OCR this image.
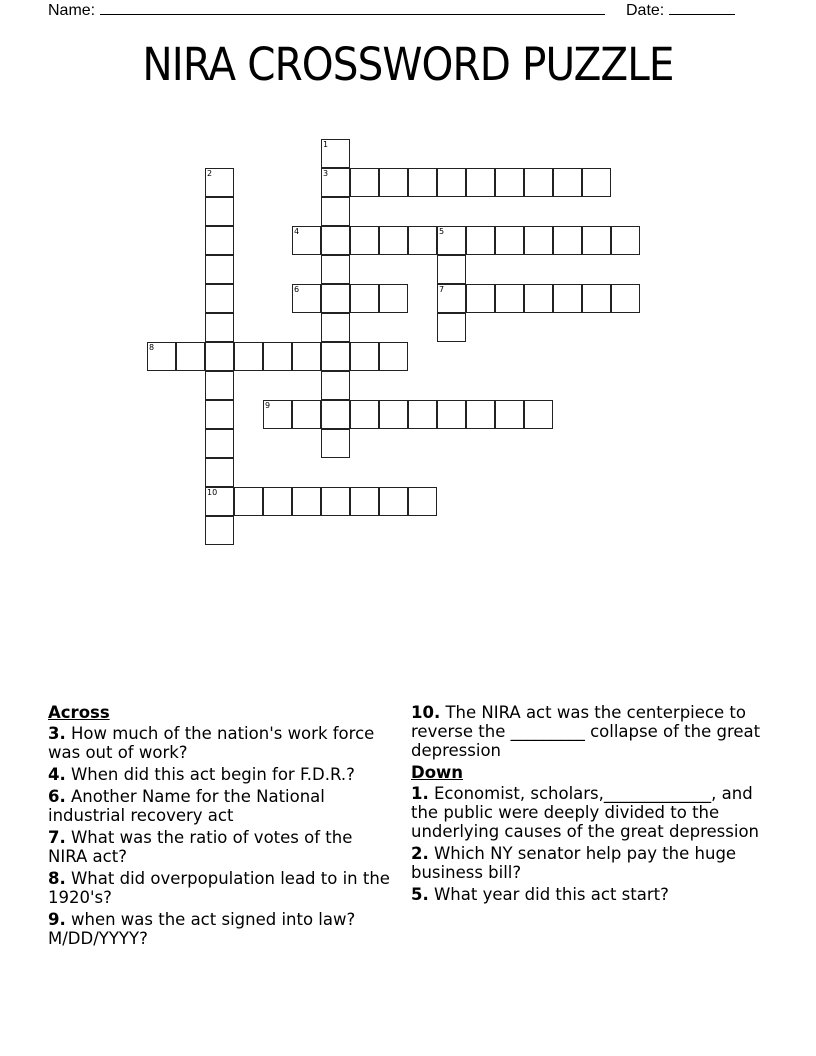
Name:	Date:
NIRA CROSSWORD PUZZLE
1
3
2
10
4	5
7
6
8
9
Across
3. How much of the nation's work force was out of work?
4. When did this act begin for F.D.R.?
6. Another Name for the National industrial recovery act
7. What was the ratio of votes of the NIRA act?
8. What did overpopulation lead to in the 1920's?
9. when was the act signed into law? M/DD/YYYY?
10. The NIRA act was the centerpiece to reverse the _________ collapse of the great depression
Down
1. Economist, scholars,_____________, and the public were deeply divided to the underlying causes of the great depression
2. Which NY senator help pay the huge business bill?
5. What year did this act start?
